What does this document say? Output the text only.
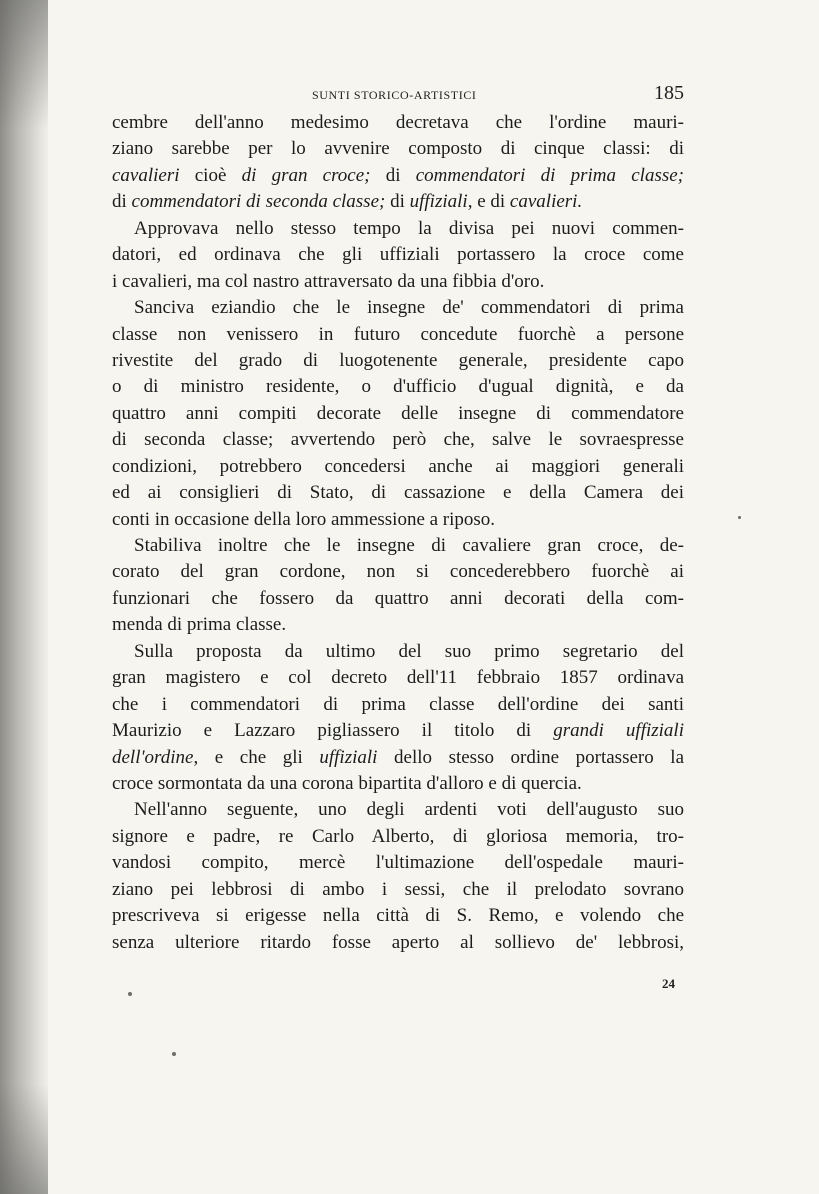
SUNTI STORICO-ARTISTICI	185
cembre dell'anno medesimo decretava che l'ordine mauri-
ziano sarebbe per lo avvenire composto di cinque classi: di
cavalieri cioè di gran croce; di commendatori di prima classe;
di commendatori di seconda classe; di uffiziali, e di cavalieri.
Approvava nello stesso tempo la divisa pei nuovi commen-
datori, ed ordinava che gli uffiziali portassero la croce come
i cavalieri, ma col nastro attraversato da una fibbia d'oro.
Sanciva eziandio che le insegne de' commendatori di prima
classe non venissero in futuro concedute fuorchè a persone
rivestite del grado di luogotenente generale, presidente capo
o di ministro residente, o d'ufficio d'ugual dignità, e da
quattro anni compiti decorate delle insegne di commendatore
di seconda classe; avvertendo però che, salve le sovraespresse
condizioni, potrebbero concedersi anche ai maggiori generali
ed ai consiglieri di Stato, di cassazione e della Camera dei
conti in occasione della loro ammessione a riposo.
Stabiliva inoltre che le insegne di cavaliere gran croce, de-
corato del gran cordone, non si concederebbero fuorchè ai
funzionari che fossero da quattro anni decorati della com-
menda di prima classe.
Sulla proposta da ultimo del suo primo segretario del
gran magistero e col decreto dell'11 febbraio 1857 ordinava
che i commendatori di prima classe dell'ordine dei santi
Maurizio e Lazzaro pigliassero il titolo di grandi uffiziali
dell'ordine, e che gli uffiziali dello stesso ordine portassero la
croce sormontata da una corona bipartita d'alloro e di quercia.
Nell'anno seguente, uno degli ardenti voti dell'augusto suo
signore e padre, re Carlo Alberto, di gloriosa memoria, tro-
vandosi compito, mercè l'ultimazione dell'ospedale mauri-
ziano pei lebbrosi di ambo i sessi, che il prelodato sovrano
prescriveva si erigesse nella città di S. Remo, e volendo che
senza ulteriore ritardo fosse aperto al sollievo de' lebbrosi,
24
